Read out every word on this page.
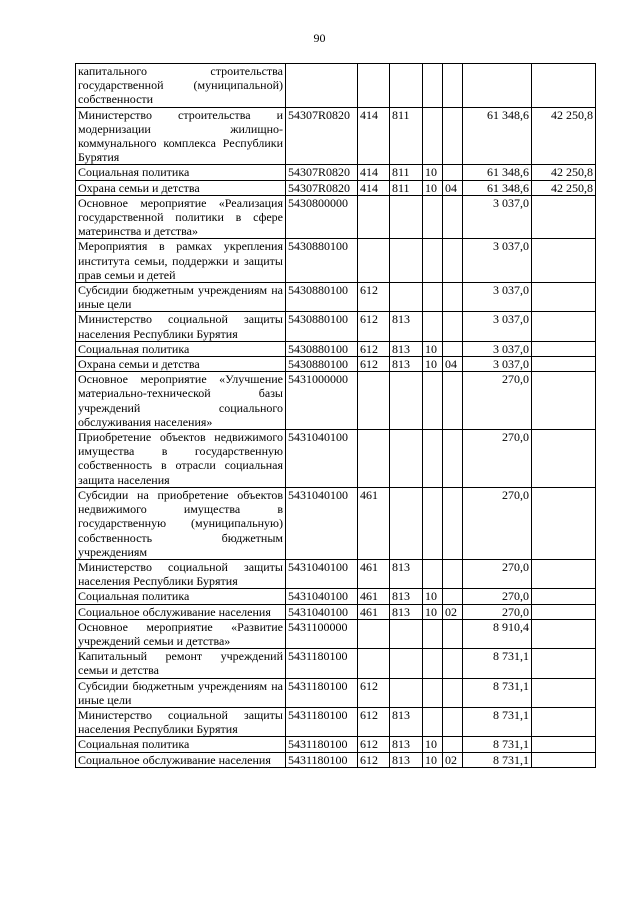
90
капитального строительства государственной (муниципальной) собственности							
Министерство строительства и модернизации жилищно-коммунального комплекса Республики Бурятия	54307R0820	414	811			61 348,6	42 250,8
Социальная политика	54307R0820	414	811	10		61 348,6	42 250,8
Охрана семьи и детства	54307R0820	414	811	10	04	61 348,6	42 250,8
Основное мероприятие «Реализация государственной политики в сфере материнства и детства»	5430800000					3 037,0	
Мероприятия в рамках укрепления института семьи, поддержки и защиты прав семьи и детей	5430880100					3 037,0	
Субсидии бюджетным учреждениям на иные цели	5430880100	612				3 037,0	
Министерство социальной защиты населения Республики Бурятия	5430880100	612	813			3 037,0	
Социальная политика	5430880100	612	813	10		3 037,0	
Охрана семьи и детства	5430880100	612	813	10	04	3 037,0	
Основное мероприятие «Улучшение материально-технической базы учреждений социального обслуживания населения»	5431000000					270,0	
Приобретение объектов недвижимого имущества в государственную собственность в отрасли социальная защита населения	5431040100					270,0	
Субсидии на приобретение объектов недвижимого имущества в государственную (муниципальную) собственность бюджетным учреждениям	5431040100	461				270,0	
Министерство социальной защиты населения Республики Бурятия	5431040100	461	813			270,0	
Социальная политика	5431040100	461	813	10		270,0	
Социальное обслуживание населения	5431040100	461	813	10	02	270,0	
Основное мероприятие «Развитие учреждений семьи и детства»	5431100000					8 910,4	
Капитальный ремонт учреждений семьи и детства	5431180100					8 731,1	
Субсидии бюджетным учреждениям на иные цели	5431180100	612				8 731,1	
Министерство социальной защиты населения Республики Бурятия	5431180100	612	813			8 731,1	
Социальная политика	5431180100	612	813	10		8 731,1	
Социальное обслуживание населения	5431180100	612	813	10	02	8 731,1	
